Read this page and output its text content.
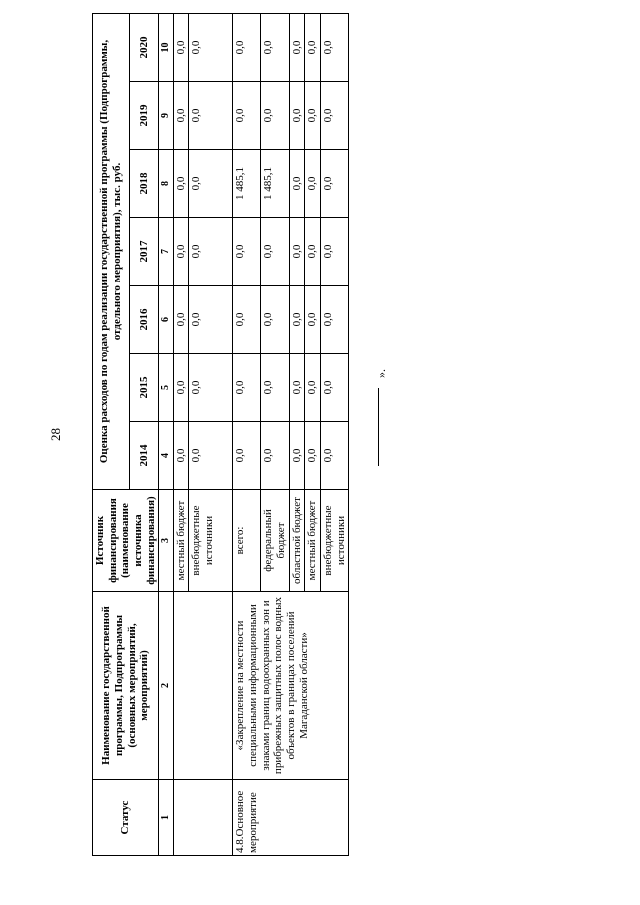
28
Статус	Наименование государственной программы, Подпрограммы (основных мероприятий, мероприятий)	Источник финансирования (наименование источника финансирования)	Оценка расходов по годам реализации государственной программы (Подпрограммы, отдельного мероприятия), тыс. руб.						
			2014	2015	2016	2017	2018	2019	2020
1	2	3	4	5	6	7	8	9	10
		местный бюджет	0,0	0,0	0,0	0,0	0,0	0,0	0,0
		внебюджетные источники	0,0	0,0	0,0	0,0	0,0	0,0	0,0
4.8.Основное мероприятие	«Закрепление на местности специальными информационными знаками границ водоохранных зон и прибрежных защитных полос водных объектов в границах поселений Магаданской области»	всего:	0,0	0,0	0,0	0,0	1 485,1	0,0	0,0
		федеральный бюджет	0,0	0,0	0,0	0,0	1 485,1	0,0	0,0
		областной бюджет	0,0	0,0	0,0	0,0	0,0	0,0	0,0
		местный бюджет	0,0	0,0	0,0	0,0	0,0	0,0	0,0
		внебюджетные источники	0,0	0,0	0,0	0,0	0,0	0,0	0,0
».
